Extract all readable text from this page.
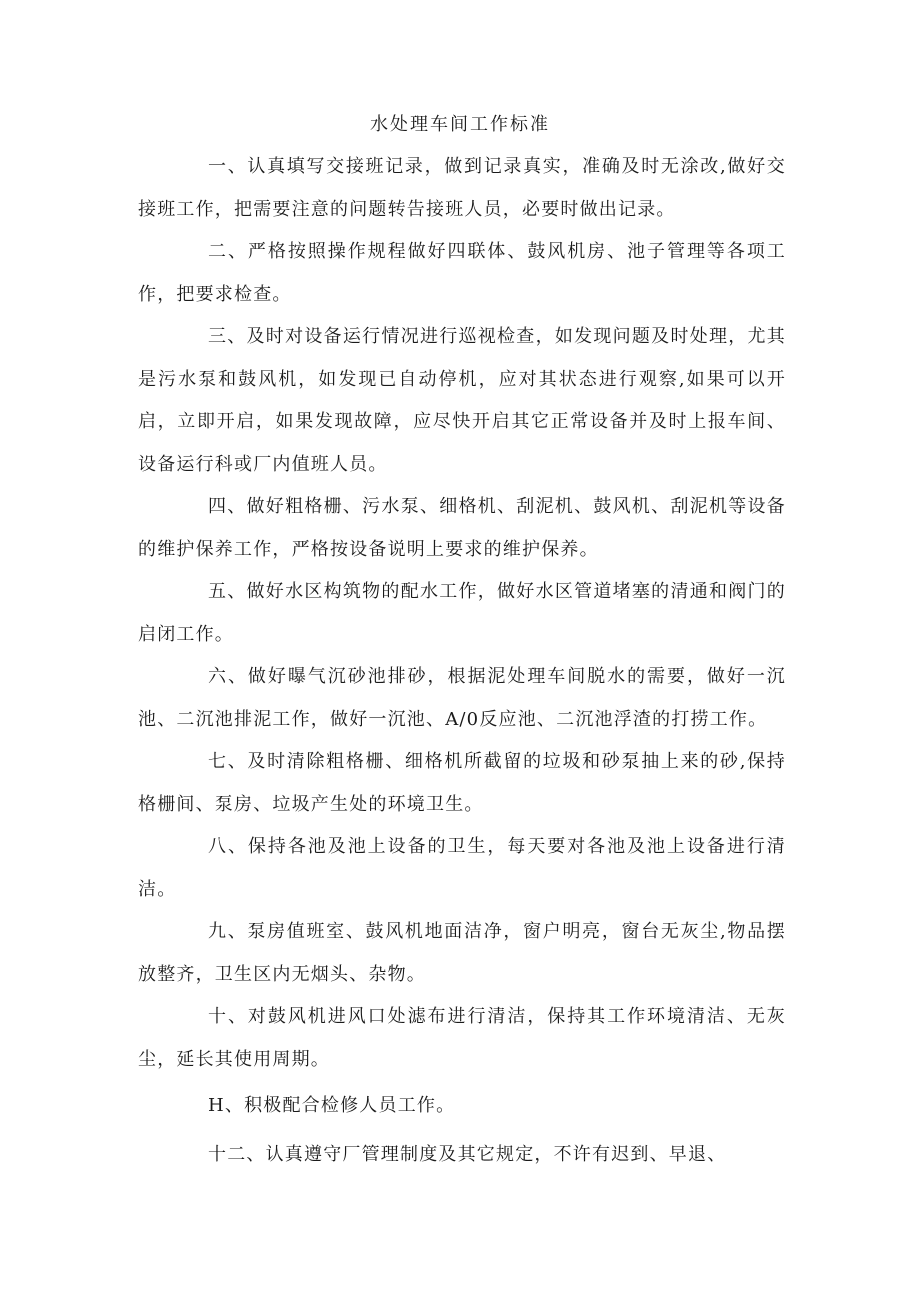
水处理车间工作标准

一、认真填写交接班记录，做到记录真实，准确及时无涂改,做好交接班工作，把需要注意的问题转告接班人员，必要时做出记录。

二、严格按照操作规程做好四联体、鼓风机房、池子管理等各项工作，把要求检查。

三、及时对设备运行情况进行巡视检查，如发现问题及时处理，尤其是污水泵和鼓风机，如发现已自动停机，应对其状态进行观察,如果可以开启，立即开启，如果发现故障，应尽快开启其它正常设备并及时上报车间、设备运行科或厂内值班人员。

四、做好粗格栅、污水泵、细格机、刮泥机、鼓风机、刮泥机等设备的维护保养工作，严格按设备说明上要求的维护保养。

五、做好水区构筑物的配水工作，做好水区管道堵塞的清通和阀门的启闭工作。

六、做好曝气沉砂池排砂，根据泥处理车间脱水的需要，做好一沉池、二沉池排泥工作，做好一沉池、A/0反应池、二沉池浮渣的打捞工作。

七、及时清除粗格栅、细格机所截留的垃圾和砂泵抽上来的砂,保持格栅间、泵房、垃圾产生处的环境卫生。

八、保持各池及池上设备的卫生，每天要对各池及池上设备进行清洁。

九、泵房值班室、鼓风机地面洁净，窗户明亮，窗台无灰尘,物品摆放整齐，卫生区内无烟头、杂物。

十、对鼓风机进风口处滤布进行清洁，保持其工作环境清洁、无灰尘，延长其使用周期。

H、积极配合检修人员工作。

十二、认真遵守厂管理制度及其它规定，不许有迟到、早退、
